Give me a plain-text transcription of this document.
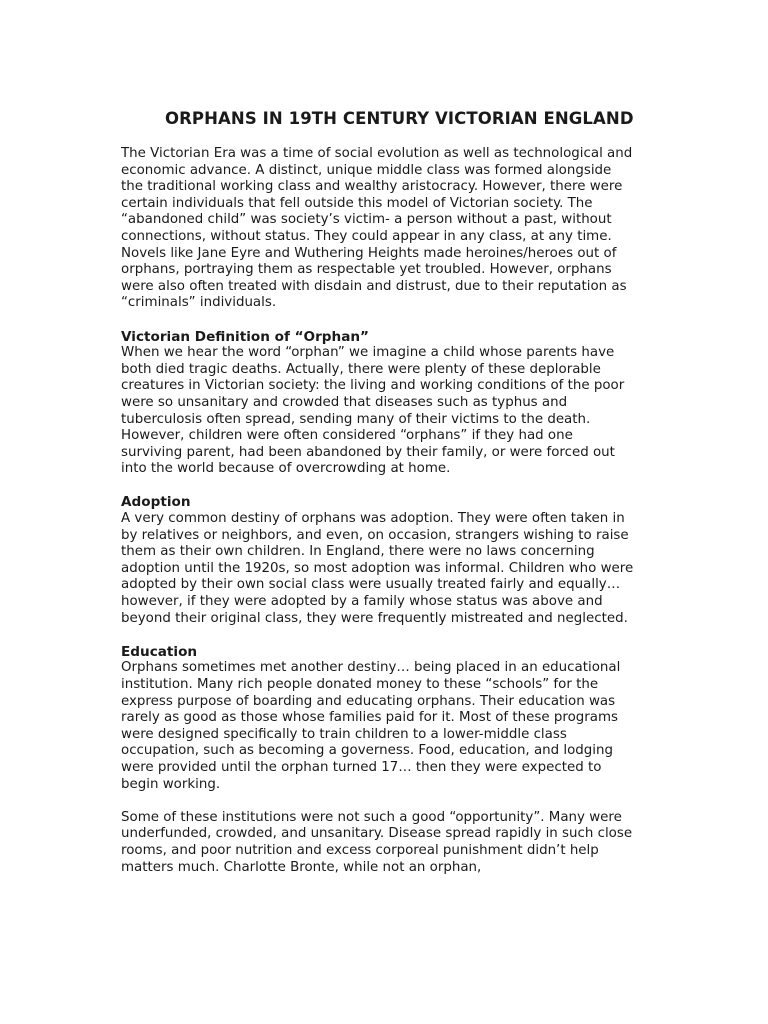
ORPHANS IN 19TH CENTURY VICTORIAN ENGLAND

The Victorian Era was a time of social evolution as well as technological and economic advance. A distinct, unique middle class was formed alongside the traditional working class and wealthy aristocracy. However, there were certain individuals that fell outside this model of Victorian society. The “abandoned child” was society’s victim- a person without a past, without connections, without status. They could appear in any class, at any time. Novels like Jane Eyre and Wuthering Heights made heroines/heroes out of orphans, portraying them as respectable yet troubled. However, orphans were also often treated with disdain and distrust, due to their reputation as “criminals” individuals.

Victorian Definition of “Orphan”

When we hear the word “orphan” we imagine a child whose parents have both died tragic deaths. Actually, there were plenty of these deplorable creatures in Victorian society: the living and working conditions of the poor were so unsanitary and crowded that diseases such as typhus and tuberculosis often spread, sending many of their victims to the death. However, children were often considered “orphans” if they had one surviving parent, had been abandoned by their family, or were forced out into the world because of overcrowding at home.

Adoption

A very common destiny of orphans was adoption. They were often taken in by relatives or neighbors, and even, on occasion, strangers wishing to raise them as their own children. In England, there were no laws concerning adoption until the 1920s, so most adoption was informal. Children who were adopted by their own social class were usually treated fairly and equally… however, if they were adopted by a family whose status was above and beyond their original class, they were frequently mistreated and neglected.

Education

Orphans sometimes met another destiny… being placed in an educational institution. Many rich people donated money to these “schools” for the express purpose of boarding and educating orphans. Their education was rarely as good as those whose families paid for it. Most of these programs were designed specifically to train children to a lower-middle class occupation, such as becoming a governess. Food, education, and lodging were provided until the orphan turned 17… then they were expected to begin working.

Some of these institutions were not such a good “opportunity”. Many were underfunded, crowded, and unsanitary. Disease spread rapidly in such close rooms, and poor nutrition and excess corporeal punishment didn’t help matters much. Charlotte Bronte, while not an orphan,
